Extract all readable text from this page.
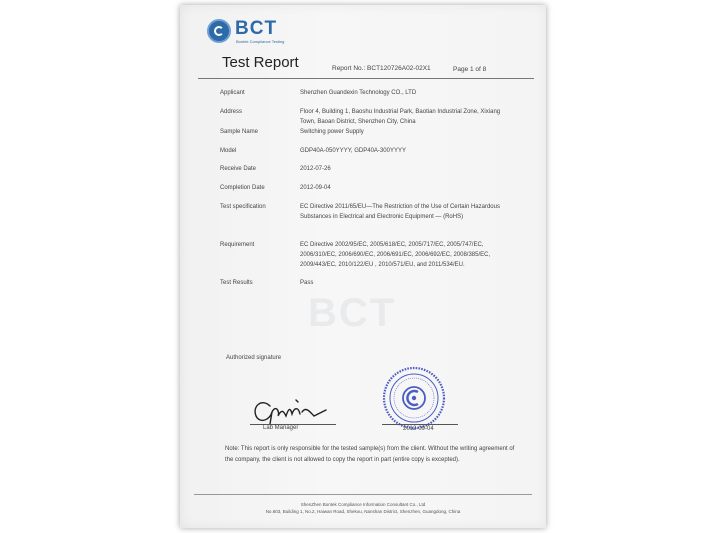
BCT
Bontek Compliance Testing
Test Report	Report No.: BCT120726A02-02X1	Page 1 of 8
Applicant	Shenzhen Guandexin Technology CO., LTD
Address	Floor 4, Building 1, Baoshu Industrial Park, Baotian Industrial Zone, Xixiang Town, Baoan District, Shenzhen City, China
Sample Name	Switching power Supply
Model	GDP40A-050YYYY, GDP40A-300YYYY
Receive Date	2012-07-26
Completion Date	2012-09-04
Test specification	EC Directive 2011/65/EU—The Restriction of the Use of Certain Hazardous Substances in Electrical and Electronic Equipment — (RoHS)
Requirement	EC Directive 2002/95/EC, 2005/618/EC, 2005/717/EC, 2005/747/EC, 2006/310/EC, 2006/690/EC, 2006/691/EC, 2006/692/EC, 2008/385/EC, 2009/443/EC, 2010/122/EU , 2010/571/EU, and 2011/534/EU.
Test Results	Pass
BCT
Authorized signature
Gavin
Lab Manager	2012-09-04
Note: This report is only responsible for the tested sample(s) from the client. Without the writing agreement of the company, the client is not allowed to copy the report in part (entire copy is excepted).
ShenZhen Bontek Compliance Information Consultant Co., Ltd
No.603, Building 1, No.2, Haiwan Road, Shekou, Nanshan District, Shenzhen, Guangdong, China
